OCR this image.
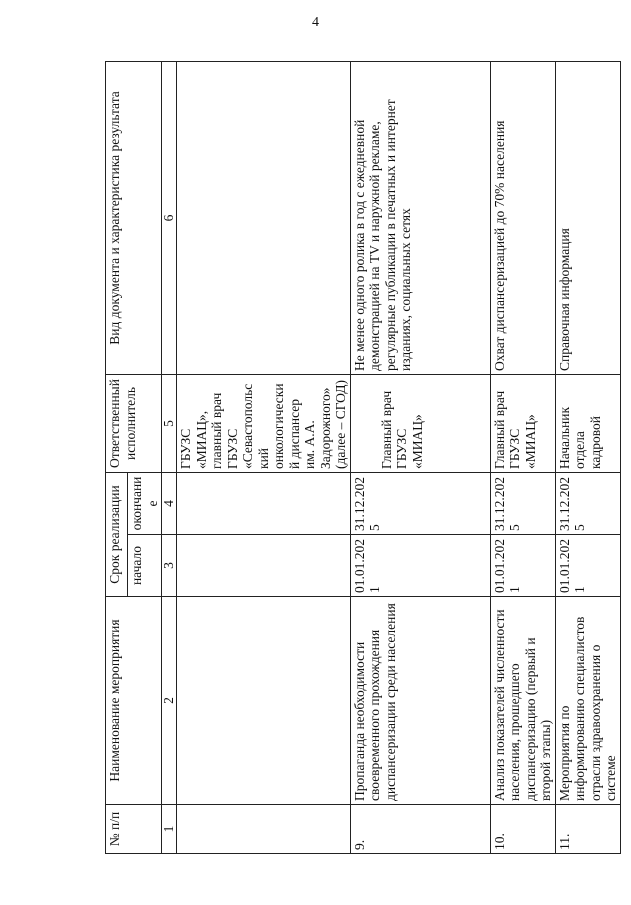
4
№ п/п	Наименование мероприятия	Срок реализации		Ответственный исполнитель	Вид документа и характеристика результата
		начало	окончание		
1	2	3	4	5	6
				ГБУЗС «МИАЦ», главный врач ГБУЗС «Севастопольский онкологический диспансер им. А.А. Задорожного» (далее – СГОД)	
9.	Пропаганда необходимости своевременного прохождения диспансеризации среди населения	01.01.2021	31.12.2025	Главный врач ГБУЗС «МИАЦ»	Не менее одного ролика в год с ежедневной демонстрацией на TV и наружной рекламе, регулярные публикации в печатных и интернет изданиях, социальных сетях
10.	Анализ показателей численности населения, прошедшего диспансеризацию (первый и второй этапы)	01.01.2021	31.12.2025	Главный врач ГБУЗС «МИАЦ»	Охват диспансеризацией до 70% населения
11.	Мероприятия по информированию специалистов отрасли здравоохранения о системе	01.01.2021	31.12.2025	Начальник отдела кадровой	Справочная информация
